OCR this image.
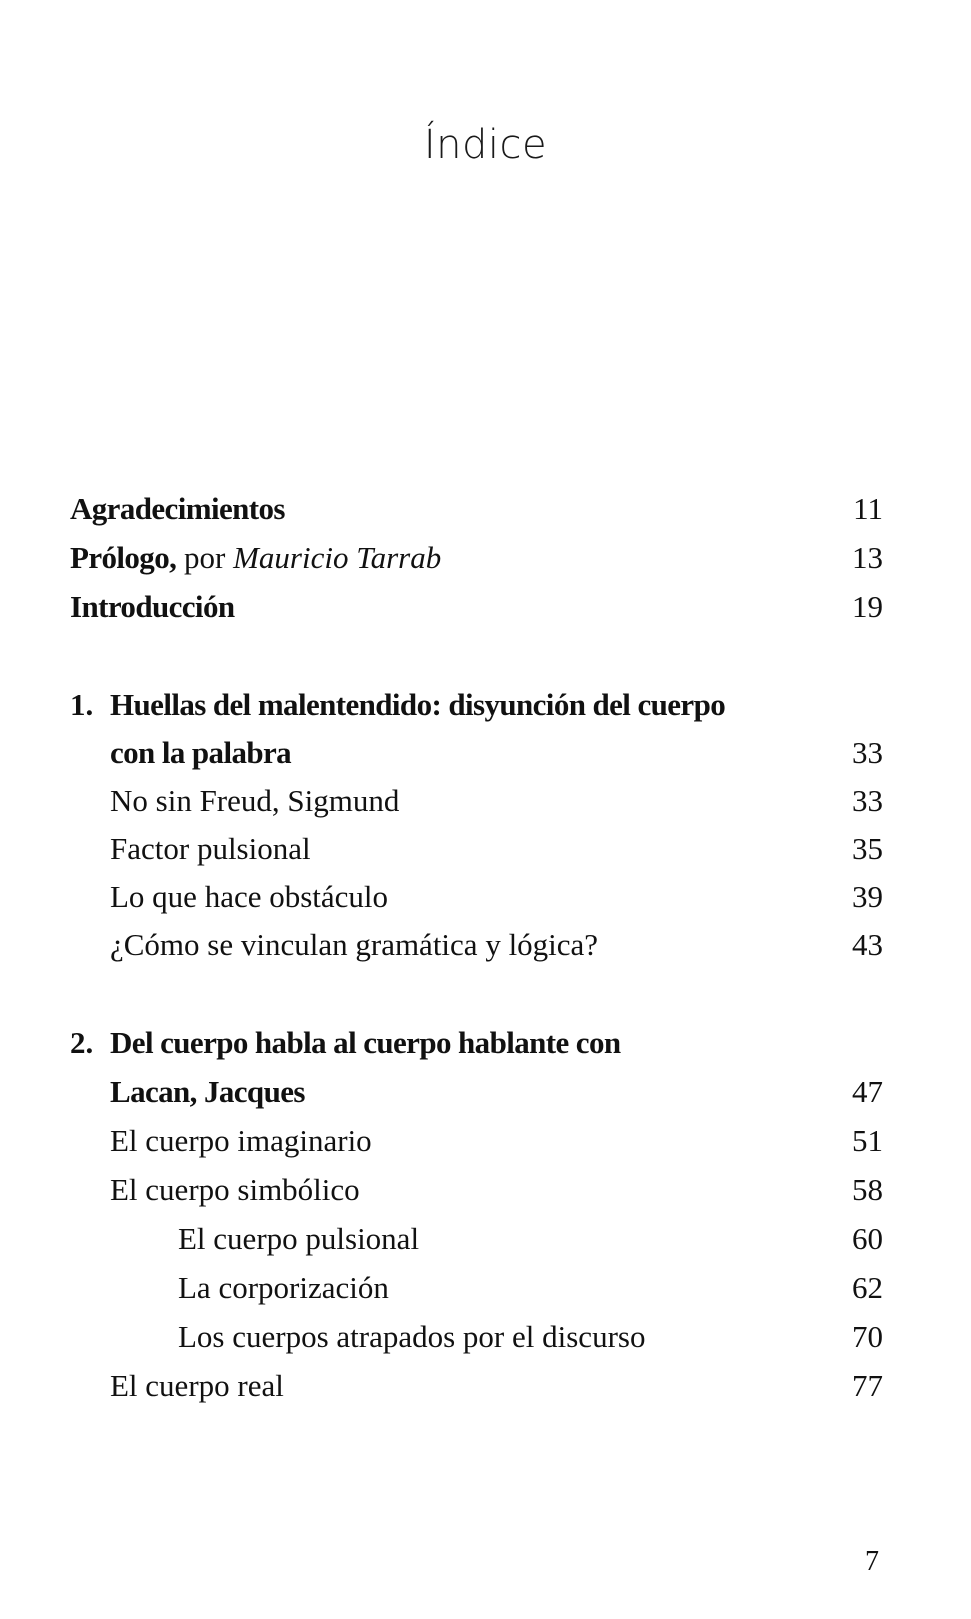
Índice
Agradecimientos	11
Prólogo, por Mauricio Tarrab	13
Introducción	19
1. Huellas del malentendido: disyunción del cuerpo
con la palabra	33
No sin Freud, Sigmund	33
Factor pulsional	35
Lo que hace obstáculo	39
¿Cómo se vinculan gramática y lógica?	43
2. Del cuerpo habla al cuerpo hablante con
Lacan, Jacques	47
El cuerpo imaginario	51
El cuerpo simbólico	58
El cuerpo pulsional	60
La corporización	62
Los cuerpos atrapados por el discurso	70
El cuerpo real	77
7
